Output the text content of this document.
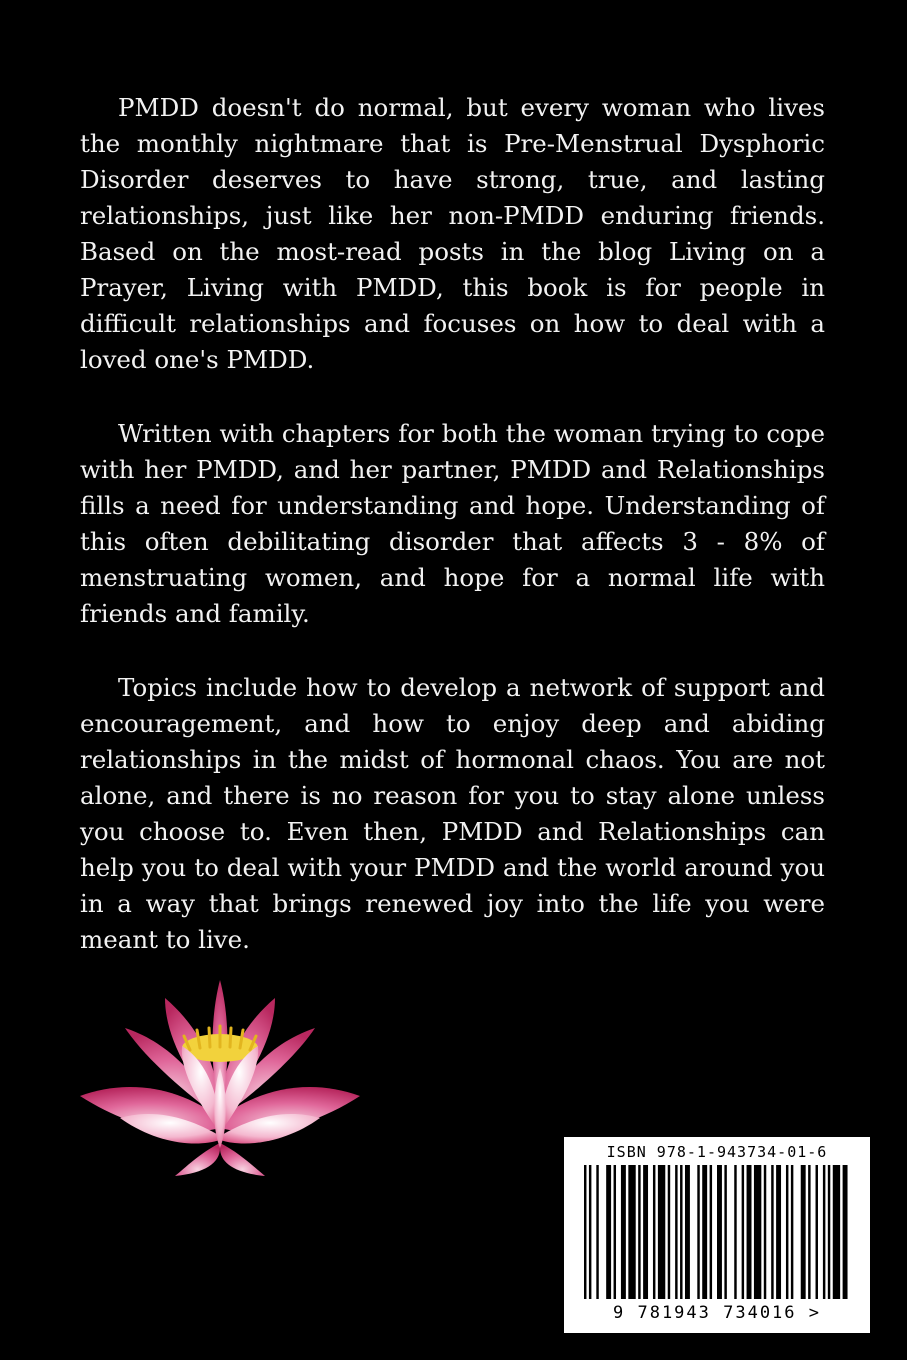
PMDD doesn't do normal, but every woman who lives the monthly nightmare that is Pre-Menstrual Dysphoric Disorder deserves to have strong, true, and lasting relationships, just like her non-PMDD enduring friends. Based on the most-read posts in the blog Living on a Prayer, Living with PMDD, this book is for people in difficult relationships and focuses on how to deal with a loved one's PMDD.

Written with chapters for both the woman trying to cope with her PMDD, and her partner, PMDD and Relationships fills a need for understanding and hope. Understanding of this often debilitating disorder that affects 3 - 8% of menstruating women, and hope for a normal life with friends and family.

Topics include how to develop a network of support and encouragement, and how to enjoy deep and abiding relationships in the midst of hormonal chaos. You are not alone, and there is no reason for you to stay alone unless you choose to. Even then, PMDD and Relationships can help you to deal with your PMDD and the world around you in a way that brings renewed joy into the life you were meant to live.

ISBN 978-1-943734-01-6
9 781943 734016 >
